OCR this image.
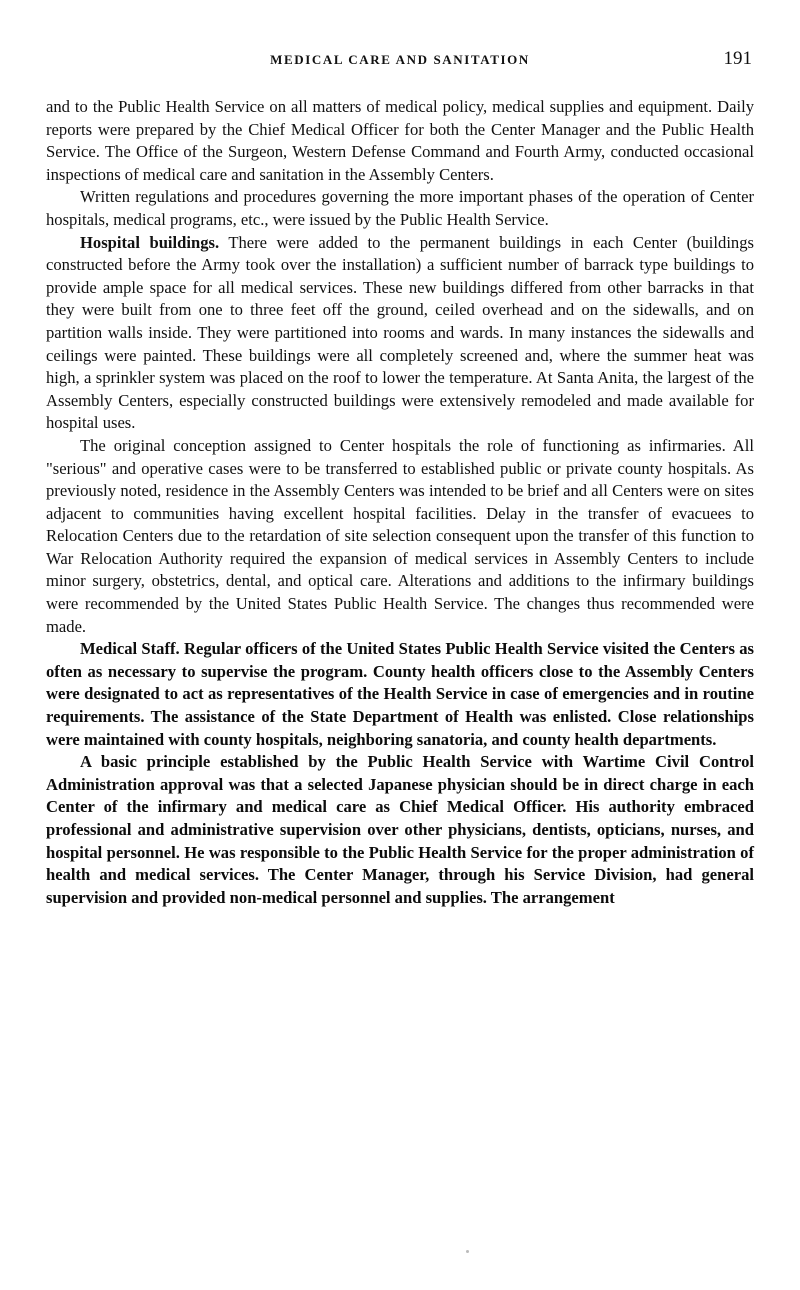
MEDICAL CARE AND SANITATION	191

and to the Public Health Service on all matters of medical policy, medical supplies and equipment. Daily reports were prepared by the Chief Medical Officer for both the Center Manager and the Public Health Service. The Office of the Surgeon, Western Defense Command and Fourth Army, conducted occasional inspections of medical care and sanitation in the Assembly Centers.

Written regulations and procedures governing the more important phases of the operation of Center hospitals, medical programs, etc., were issued by the Public Health Service.

Hospital buildings. There were added to the permanent buildings in each Center (buildings constructed before the Army took over the installation) a sufficient number of barrack type buildings to provide ample space for all medical services. These new buildings differed from other barracks in that they were built from one to three feet off the ground, ceiled overhead and on the sidewalls, and on partition walls inside. They were partitioned into rooms and wards. In many instances the sidewalls and ceilings were painted. These buildings were all completely screened and, where the summer heat was high, a sprinkler system was placed on the roof to lower the temperature. At Santa Anita, the largest of the Assembly Centers, especially constructed buildings were extensively remodeled and made available for hospital uses.

The original conception assigned to Center hospitals the role of functioning as infirmaries. All "serious" and operative cases were to be transferred to established public or private county hospitals. As previously noted, residence in the Assembly Centers was intended to be brief and all Centers were on sites adjacent to communities having excellent hospital facilities. Delay in the transfer of evacuees to Relocation Centers due to the retardation of site selection consequent upon the transfer of this function to War Relocation Authority required the expansion of medical services in Assembly Centers to include minor surgery, obstetrics, dental, and optical care. Alterations and additions to the infirmary buildings were recommended by the United States Public Health Service. The changes thus recommended were made.

Medical Staff. Regular officers of the United States Public Health Service visited the Centers as often as necessary to supervise the program. County health officers close to the Assembly Centers were designated to act as representatives of the Health Service in case of emergencies and in routine requirements. The assistance of the State Department of Health was enlisted. Close relationships were maintained with county hospitals, neighboring sanatoria, and county health departments.

A basic principle established by the Public Health Service with Wartime Civil Control Administration approval was that a selected Japanese physician should be in direct charge in each Center of the infirmary and medical care as Chief Medical Officer. His authority embraced professional and administrative supervision over other physicians, dentists, opticians, nurses, and hospital personnel. He was responsible to the Public Health Service for the proper administration of health and medical services. The Center Manager, through his Service Division, had general supervision and provided non-medical personnel and supplies. The arrangement
